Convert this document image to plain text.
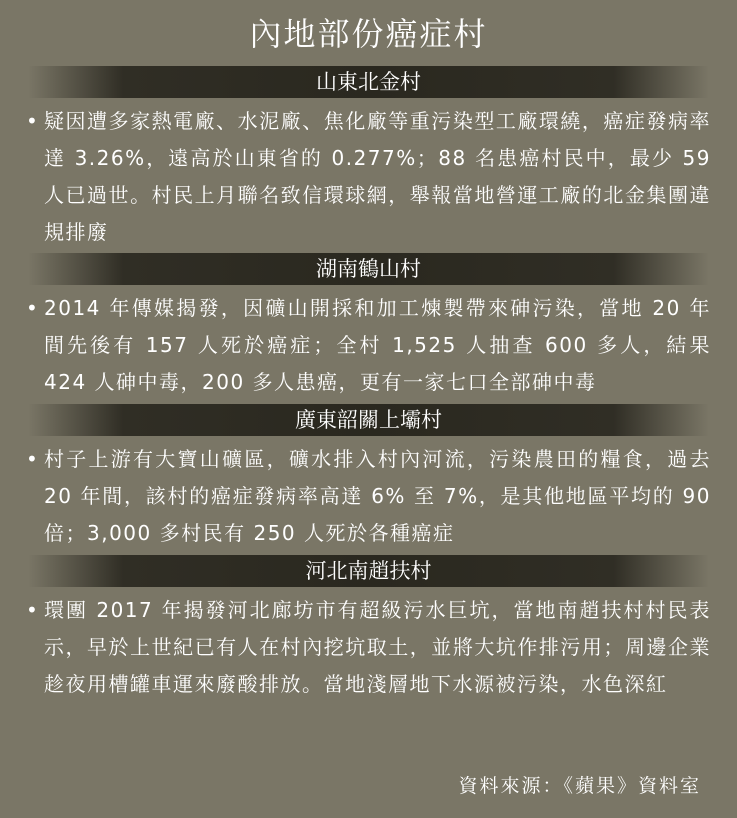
內地部份癌症村
山東北金村
• 疑因遭多家熱電廠、水泥廠、焦化廠等重污染型工廠環繞，癌症發病率達 3.26%，遠高於山東省的 0.277%；88 名患癌村民中，最少 59 人已過世。村民上月聯名致信環球網，舉報當地營運工廠的北金集團違規排廢
湖南鶴山村
• 2014 年傳媒揭發，因礦山開採和加工煉製帶來砷污染，當地 20 年間先後有 157 人死於癌症；全村 1,525 人抽查 600 多人，結果 424 人砷中毒，200 多人患癌，更有一家七口全部砷中毒
廣東韶關上壩村
• 村子上游有大寶山礦區，礦水排入村內河流，污染農田的糧食，過去 20 年間，該村的癌症發病率高達 6% 至 7%，是其他地區平均的 90 倍；3,000 多村民有 250 人死於各種癌症
河北南趙扶村
• 環團 2017 年揭發河北廊坊市有超級污水巨坑，當地南趙扶村村民表示，早於上世紀已有人在村內挖坑取土，並將大坑作排污用；周邊企業趁夜用槽罐車運來廢酸排放。當地淺層地下水源被污染，水色深紅
資料來源：《蘋果》資料室
